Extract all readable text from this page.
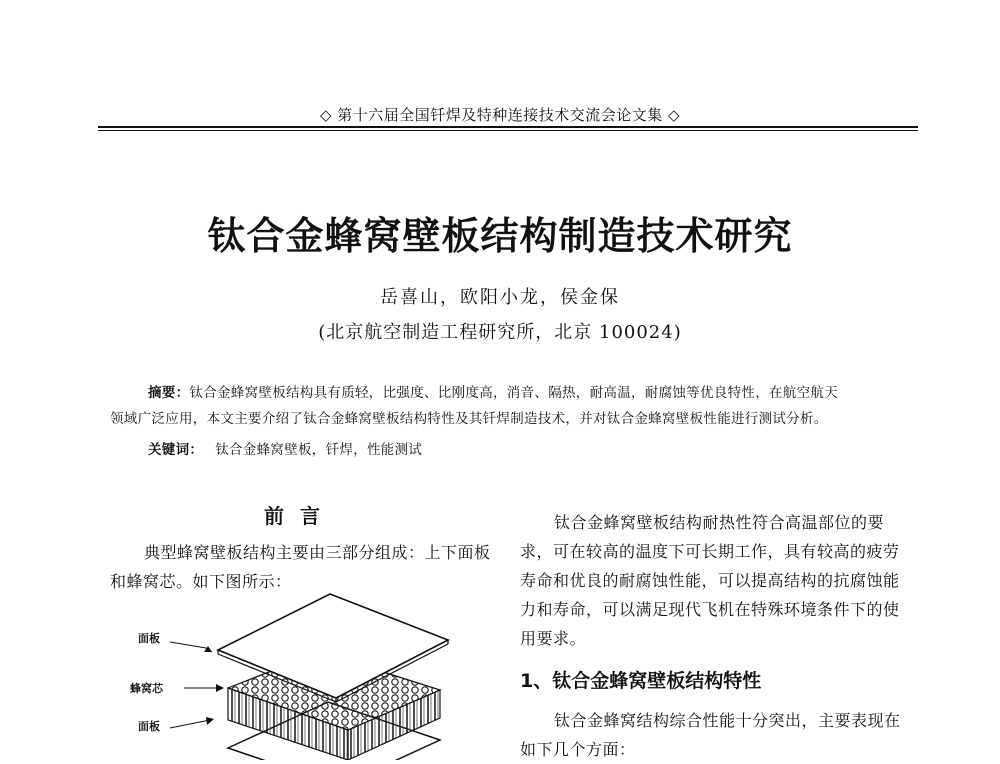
◇ 第十六届全国钎焊及特种连接技术交流会论文集 ◇
钛合金蜂窝壁板结构制造技术研究
岳喜山，欧阳小龙，侯金保
(北京航空制造工程研究所，北京 100024)
摘要：钛合金蜂窝壁板结构具有质轻，比强度、比刚度高，消音、隔热，耐高温，耐腐蚀等优良特性，在航空航天
领域广泛应用，本文主要介绍了钛合金蜂窝壁板结构特性及其钎焊制造技术，并对钛合金蜂窝壁板性能进行测试分析。
关键词： 钛合金蜂窝壁板，钎焊，性能测试
前言
典型蜂窝壁板结构主要由三部分组成：上下面板和蜂窝芯。如下图所示：
面板
蜂窝芯
面板
钛合金蜂窝壁板结构耐热性符合高温部位的要求，可在较高的温度下可长期工作，具有较高的疲劳寿命和优良的耐腐蚀性能，可以提高结构的抗腐蚀能力和寿命，可以满足现代飞机在特殊环境条件下的使用要求。
1、钛合金蜂窝壁板结构特性
钛合金蜂窝结构综合性能十分突出，主要表现在如下几个方面：
